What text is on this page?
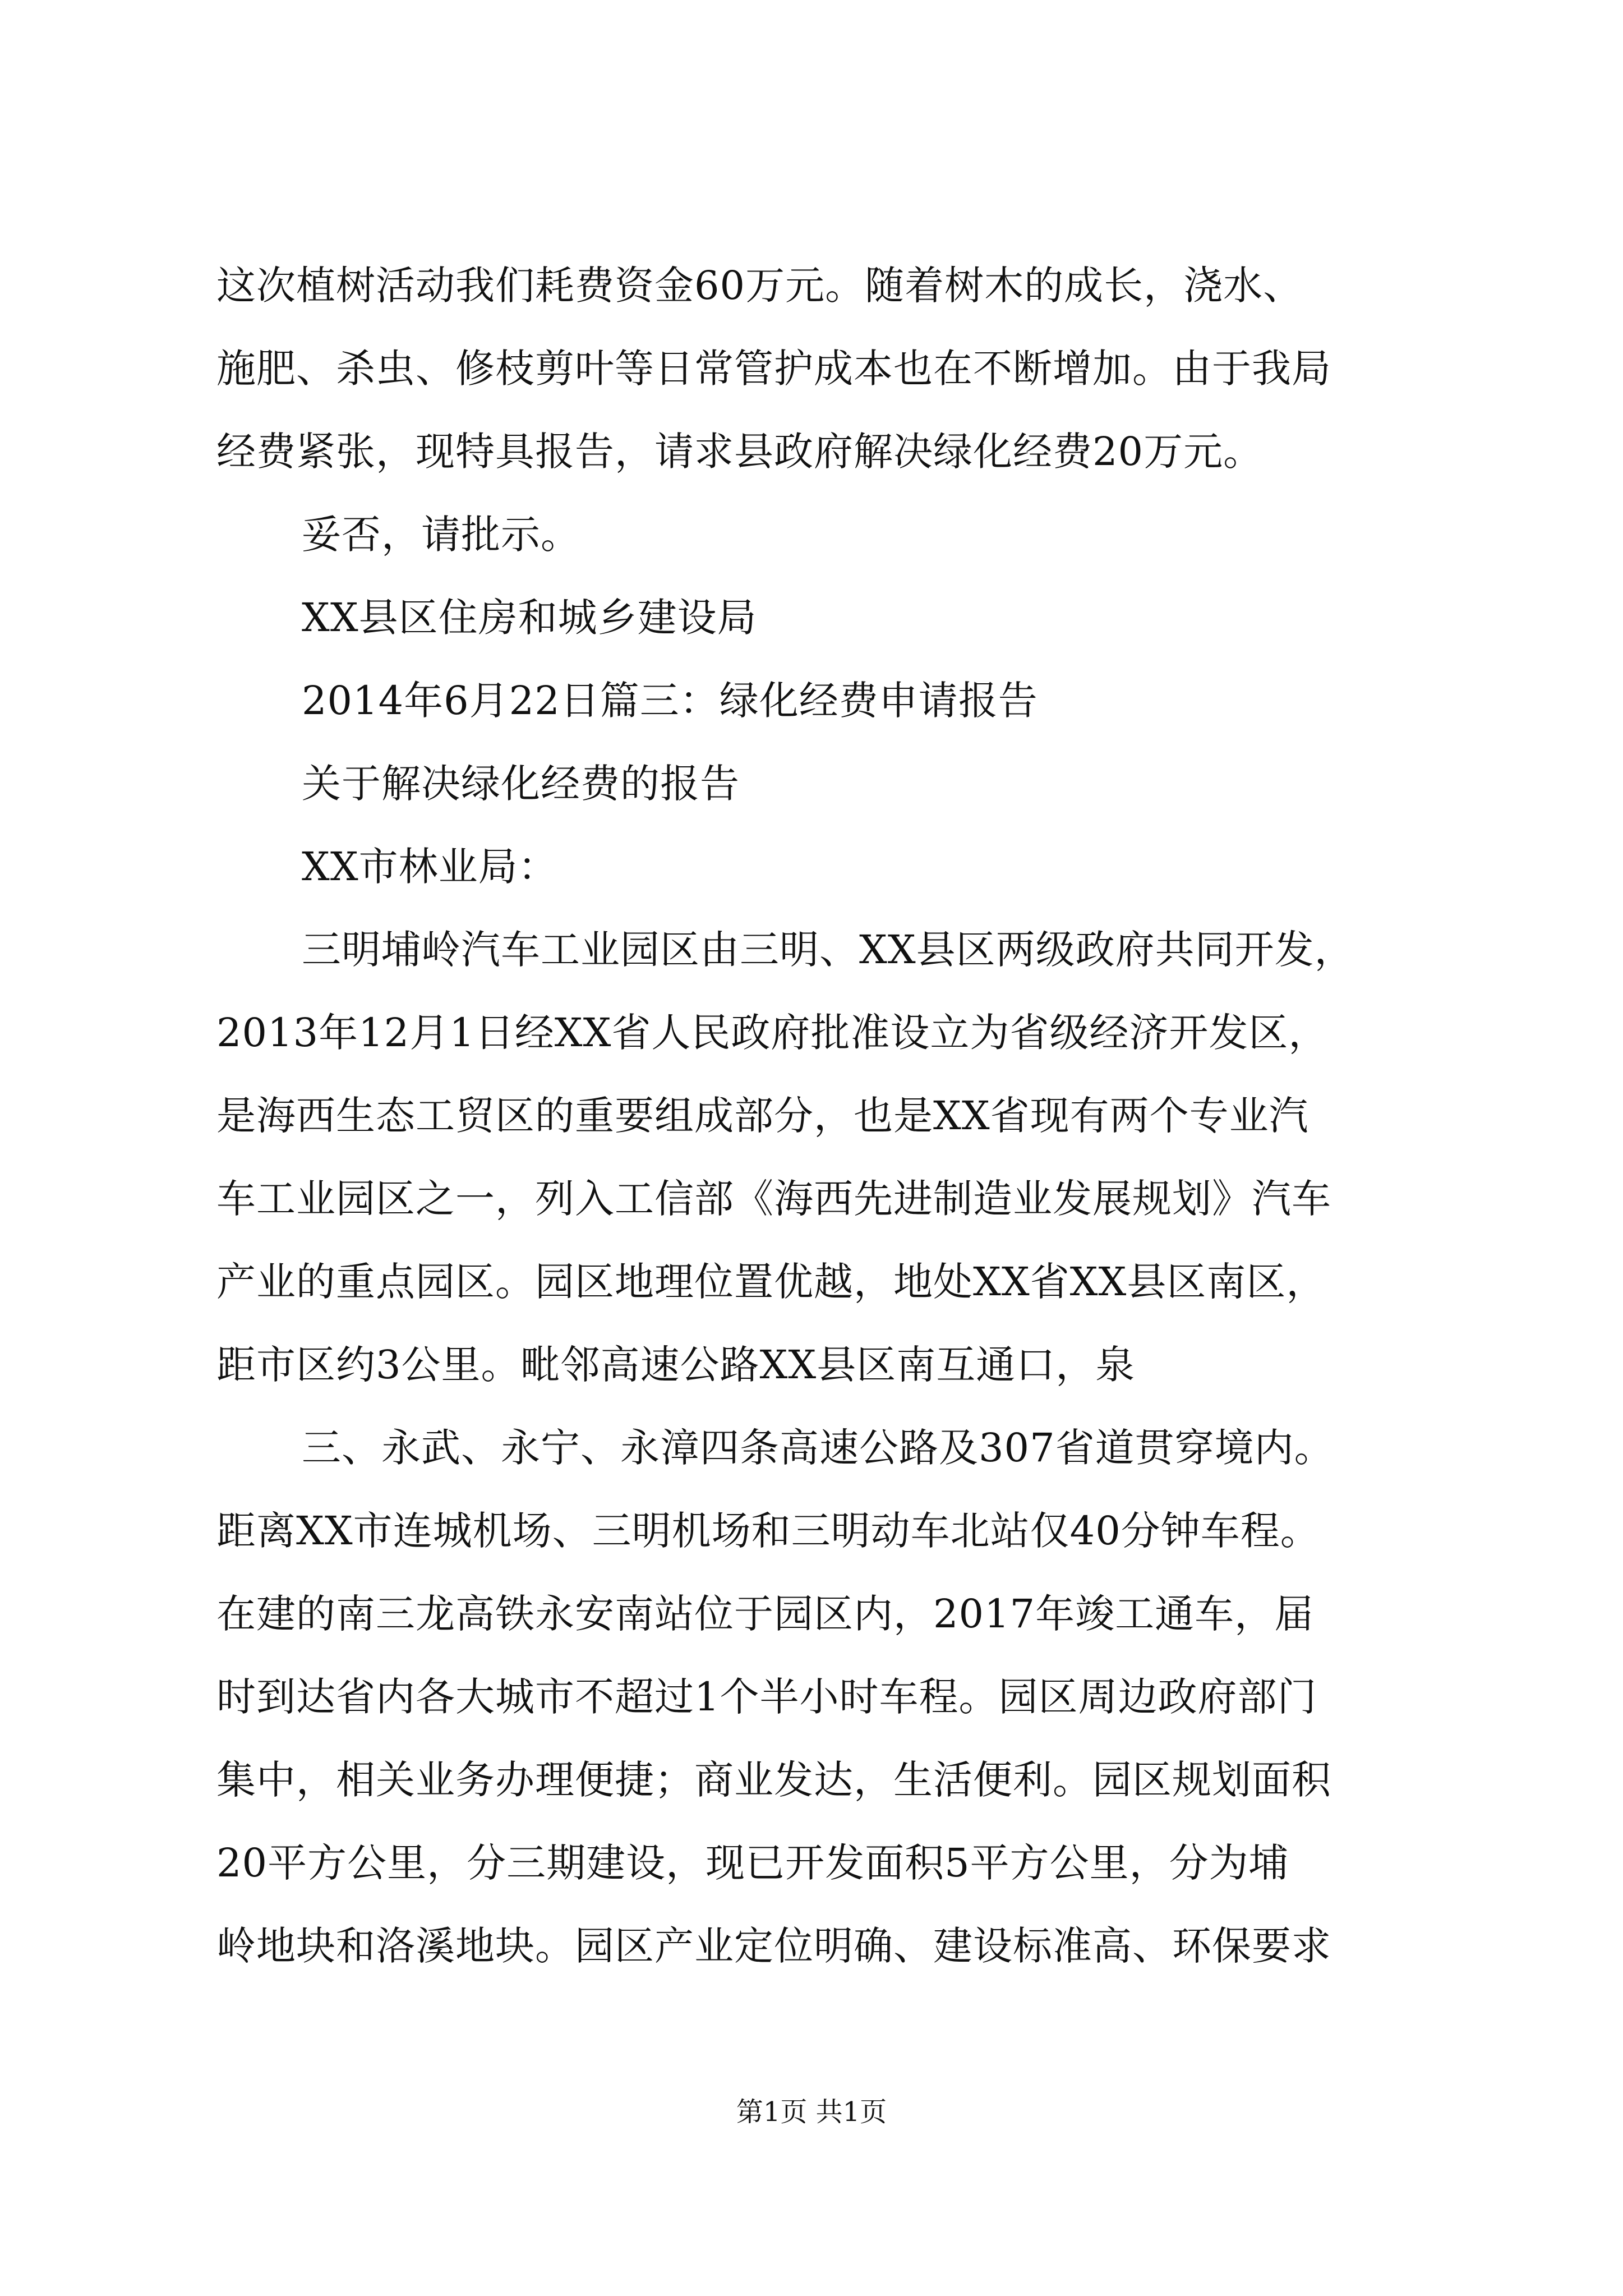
这次植树活动我们耗费资金60万元。随着树木的成长，浇水、
施肥、杀虫、修枝剪叶等日常管护成本也在不断增加。由于我局
经费紧张，现特具报告，请求县政府解决绿化经费20万元。
妥否，请批示。
XX县区住房和城乡建设局
2014年6月22日篇三：绿化经费申请报告
关于解决绿化经费的报告
XX市林业局：
三明埔岭汽车工业园区由三明、XX县区两级政府共同开发，
2013年12月1日经XX省人民政府批准设立为省级经济开发区，
是海西生态工贸区的重要组成部分，也是XX省现有两个专业汽
车工业园区之一，列入工信部《海西先进制造业发展规划》汽车
产业的重点园区。园区地理位置优越，地处XX省XX县区南区，
距市区约3公里。毗邻高速公路XX县区南互通口，泉
三、永武、永宁、永漳四条高速公路及307省道贯穿境内。
距离XX市连城机场、三明机场和三明动车北站仅40分钟车程。
在建的南三龙高铁永安南站位于园区内，2017年竣工通车，届
时到达省内各大城市不超过1个半小时车程。园区周边政府部门
集中，相关业务办理便捷；商业发达，生活便利。园区规划面积
20平方公里，分三期建设，现已开发面积5平方公里，分为埔
岭地块和洛溪地块。园区产业定位明确、建设标准高、环保要求
第1页 共1页
